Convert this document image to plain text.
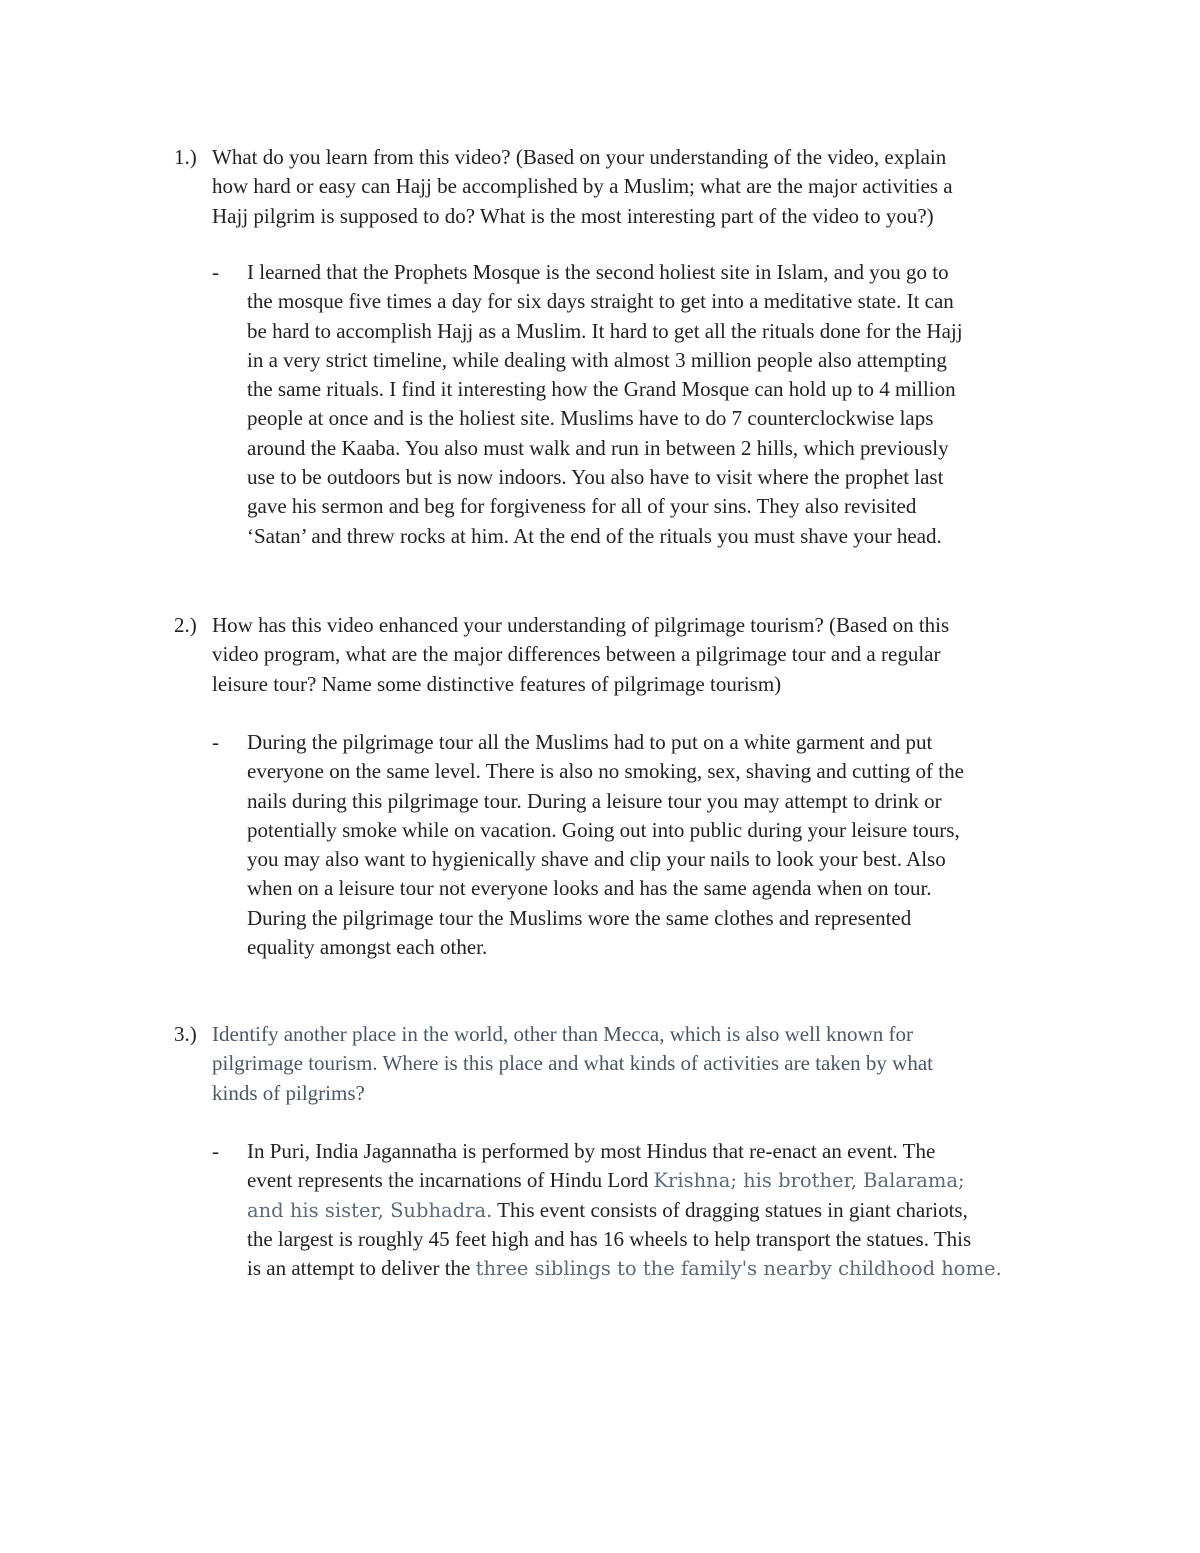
1.) What do you learn from this video? (Based on your understanding of the video, explain
how hard or easy can Hajj be accomplished by a Muslim; what are the major activities a
Hajj pilgrim is supposed to do? What is the most interesting part of the video to you?)
-	I learned that the Prophets Mosque is the second holiest site in Islam, and you go to
the mosque five times a day for six days straight to get into a meditative state. It can
be hard to accomplish Hajj as a Muslim. It hard to get all the rituals done for the Hajj
in a very strict timeline, while dealing with almost 3 million people also attempting
the same rituals. I find it interesting how the Grand Mosque can hold up to 4 million
people at once and is the holiest site. Muslims have to do 7 counterclockwise laps
around the Kaaba. You also must walk and run in between 2 hills, which previously
use to be outdoors but is now indoors. You also have to visit where the prophet last
gave his sermon and beg for forgiveness for all of your sins. They also revisited
‘Satan’ and threw rocks at him. At the end of the rituals you must shave your head.
2.) How has this video enhanced your understanding of pilgrimage tourism? (Based on this
video program, what are the major differences between a pilgrimage tour and a regular
leisure tour? Name some distinctive features of pilgrimage tourism)
-	During the pilgrimage tour all the Muslims had to put on a white garment and put
everyone on the same level. There is also no smoking, sex, shaving and cutting of the
nails during this pilgrimage tour. During a leisure tour you may attempt to drink or
potentially smoke while on vacation. Going out into public during your leisure tours,
you may also want to hygienically shave and clip your nails to look your best. Also
when on a leisure tour not everyone looks and has the same agenda when on tour.
During the pilgrimage tour the Muslims wore the same clothes and represented
equality amongst each other.
3.) Identify another place in the world, other than Mecca, which is also well known for
pilgrimage tourism. Where is this place and what kinds of activities are taken by what
kinds of pilgrims?
-	In Puri, India Jagannatha is performed by most Hindus that re-enact an event. The
event represents the incarnations of Hindu Lord Krishna; his brother, Balarama;
and his sister, Subhadra. This event consists of dragging statues in giant chariots,
the largest is roughly 45 feet high and has 16 wheels to help transport the statues. This
is an attempt to deliver the three siblings to the family's nearby childhood home.
